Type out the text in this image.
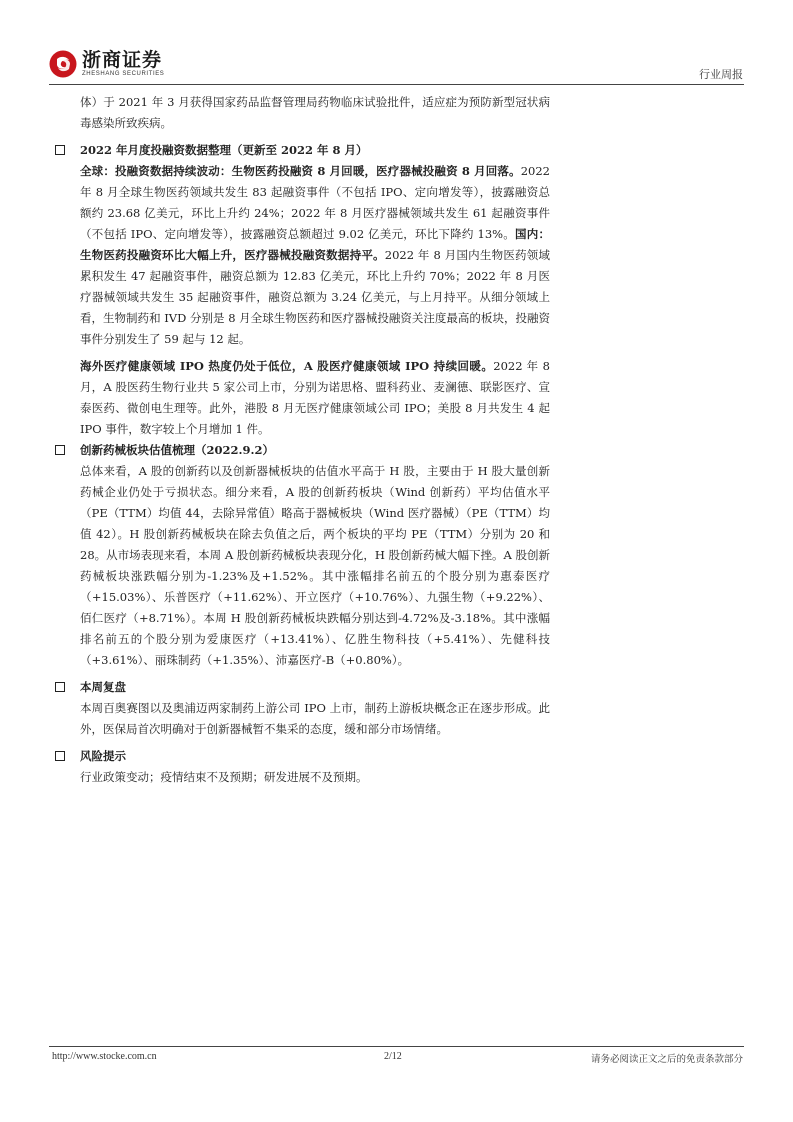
浙商证券
ZHESHANG SECURITIES	行业周报

体）于 2021 年 3 月获得国家药品监督管理局药物临床试验批件，适应症为预防新型冠状病毒感染所致疾病。

2022 年月度投融资数据整理（更新至 2022 年 8 月）

全球：投融资数据持续波动：生物医药投融资 8 月回暖，医疗器械投融资 8 月回落。2022 年 8 月全球生物医药领域共发生 83 起融资事件（不包括 IPO、定向增发等），披露融资总额约 23.68 亿美元，环比上升约 24%；2022 年 8 月医疗器械领域共发生 61 起融资事件（不包括 IPO、定向增发等），披露融资总额超过 9.02 亿美元，环比下降约 13%。国内：生物医药投融资环比大幅上升，医疗器械投融资数据持平。2022 年 8 月国内生物医药领域累积发生 47 起融资事件，融资总额为 12.83 亿美元，环比上升约 70%；2022 年 8 月医疗器械领域共发生 35 起融资事件，融资总额为 3.24 亿美元，与上月持平。从细分领域上看，生物制药和 IVD 分别是 8 月全球生物医药和医疗器械投融资关注度最高的板块，投融资事件分别发生了 59 起与 12 起。

海外医疗健康领域 IPO 热度仍处于低位，A 股医疗健康领域 IPO 持续回暖。2022 年 8 月，A 股医药生物行业共 5 家公司上市，分别为诺思格、盟科药业、麦澜德、联影医疗、宣泰医药、微创电生理等。此外，港股 8 月无医疗健康领域公司 IPO；美股 8 月共发生 4 起 IPO 事件，数字较上个月增加 1 件。

创新药械板块估值梳理（2022.9.2）

总体来看，A 股的创新药以及创新器械板块的估值水平高于 H 股，主要由于 H 股大量创新药械企业仍处于亏损状态。细分来看，A 股的创新药板块（Wind 创新药）平均估值水平（PE（TTM）均值 44，去除异常值）略高于器械板块（Wind 医疗器械）（PE（TTM）均值 42）。H 股创新药械板块在除去负值之后，两个板块的平均 PE（TTM）分别为 20 和 28。从市场表现来看，本周 A 股创新药械板块表现分化，H 股创新药械大幅下挫。A 股创新药械板块涨跌幅分别为-1.23%及+1.52%。其中涨幅排名前五的个股分别为惠泰医疗（+15.03%）、乐普医疗（+11.62%）、开立医疗（+10.76%）、九强生物（+9.22%）、佰仁医疗（+8.71%）。本周 H 股创新药械板块跌幅分别达到-4.72%及-3.18%。其中涨幅排名前五的个股分别为爱康医疗（+13.41%）、亿胜生物科技（+5.41%）、先健科技（+3.61%）、丽珠制药（+1.35%）、沛嘉医疗-B（+0.80%）。

本周复盘

本周百奥赛图以及奥浦迈两家制药上游公司 IPO 上市，制药上游板块概念正在逐步形成。此外，医保局首次明确对于创新器械暂不集采的态度，缓和部分市场情绪。

风险提示

行业政策变动；疫情结束不及预期；研发进展不及预期。

http://www.stocke.com.cn	2/12	请务必阅读正文之后的免责条款部分
